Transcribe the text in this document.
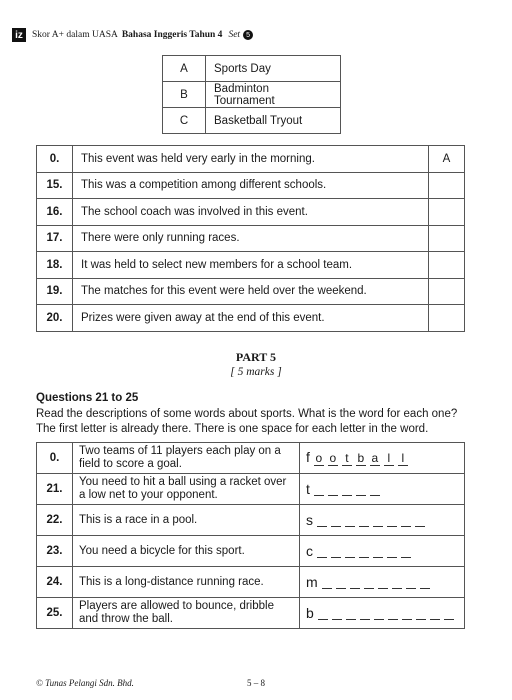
iz Skor A+ dalam UASA Bahasa Inggeris Tahun 4 Set 5
A	Sports Day
B	Badminton Tournament
C	Basketball Tryout
0.	This event was held very early in the morning.	A
15.	This was a competition among different schools.	
16.	The school coach was involved in this event.	
17.	There were only running races.	
18.	It was held to select new members for a school team.	
19.	The matches for this event were held over the weekend.	
20.	Prizes were given away at the end of this event.	
PART 5
[ 5 marks ]
Questions 21 to 25
Read the descriptions of some words about sports. What is the word for each one? The first letter is already there. There is one space for each letter in the word.
0.	Two teams of 11 players each play on a field to score a goal.	f o o t b a l l
21.	You need to hit a ball using a racket over a low net to your opponent.	t
22.	This is a race in a pool.	s
23.	You need a bicycle for this sport.	c
24.	This is a long-distance running race.	m
25.	Players are allowed to bounce, dribble and throw the ball.	b
© Tunas Pelangi Sdn. Bhd.	5 – 8
